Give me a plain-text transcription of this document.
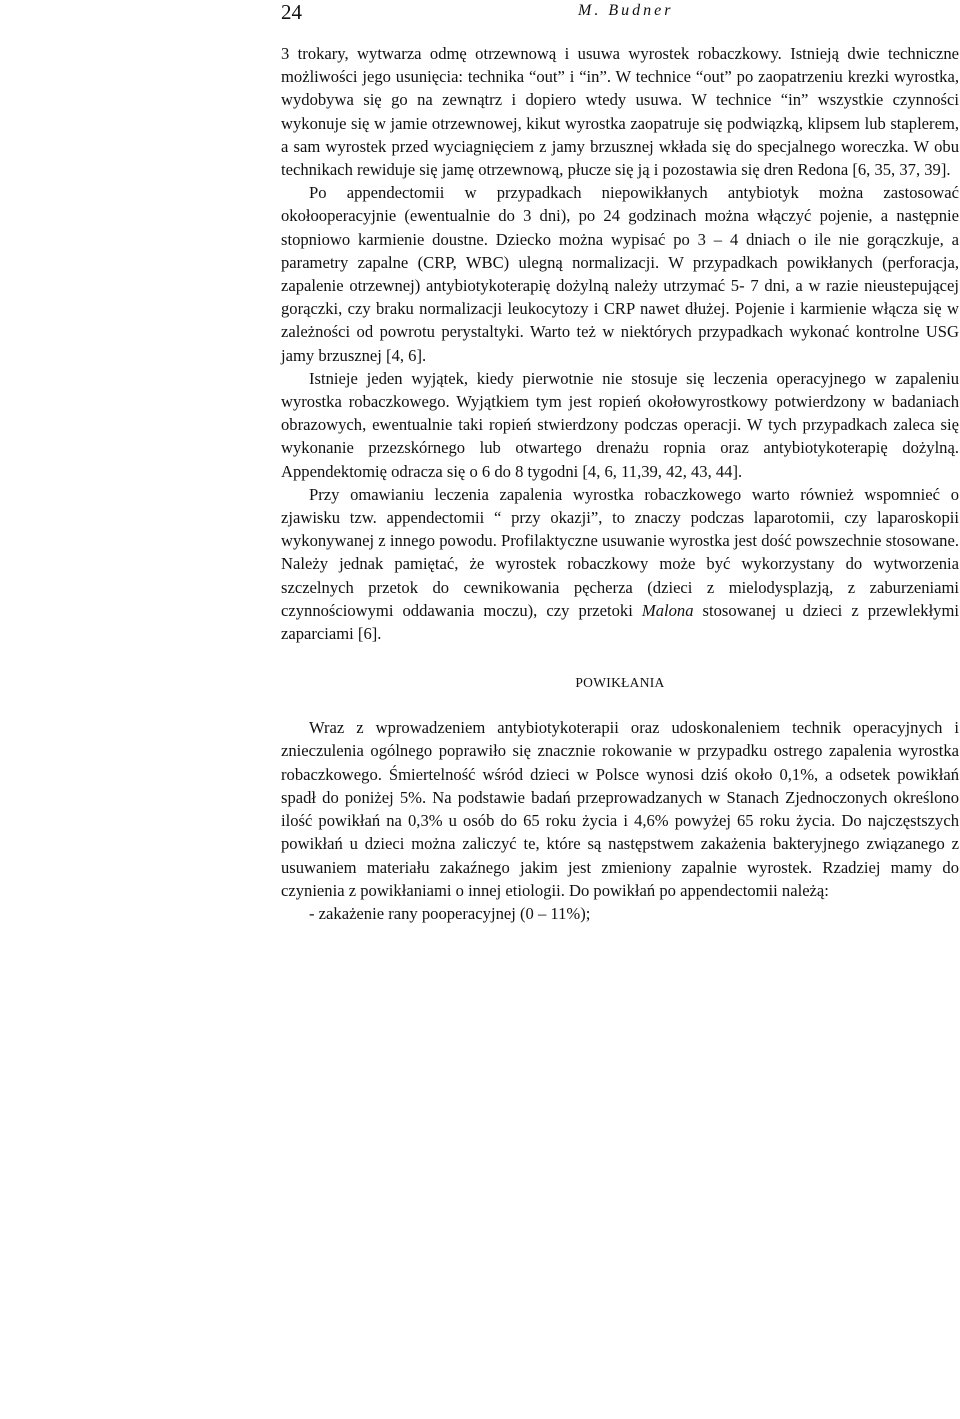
24	M. Budner

3 trokary, wytwarza odmę otrzewnową i usuwa wyrostek robaczkowy. Istnieją dwie techniczne możliwości jego usunięcia: technika “out” i “in”. W technice “out” po zaopatrzeniu krezki wyrostka, wydobywa się go na zewnątrz i dopiero wtedy usuwa. W technice “in” wszystkie czynności wykonuje się w jamie otrzewnowej, kikut wyrostka zaopatruje się podwiązką, klipsem lub staplerem, a sam wyrostek przed wyciagnięciem z jamy brzusznej wkłada się do specjalnego woreczka. W obu technikach rewiduje się jamę otrzewnową, płucze się ją i pozostawia się dren Redona [6, 35, 37, 39].

Po appendectomii w przypadkach niepowikłanych antybiotyk można zastosować okołooperacyjnie (ewentualnie do 3 dni), po 24 godzinach można włączyć pojenie, a następnie stopniowo karmienie doustne. Dziecko można wypisać po 3 – 4 dniach o ile nie gorączkuje, a parametry zapalne (CRP, WBC) ulegną normalizacji. W przypadkach powikłanych (perforacja, zapalenie otrzewnej) antybiotykoterapię dożylną należy utrzymać 5- 7 dni, a w razie nieustepującej gorączki, czy braku normalizacji leukocytozy i CRP nawet dłużej. Pojenie i karmienie włącza się w zależności od powrotu perystaltyki. Warto też w niektórych przypadkach wykonać kontrolne USG jamy brzusznej [4, 6].

Istnieje jeden wyjątek, kiedy pierwotnie nie stosuje się leczenia operacyjnego w zapaleniu wyrostka robaczkowego. Wyjątkiem tym jest ropień okołowyrostkowy potwierdzony w badaniach obrazowych, ewentualnie taki ropień stwierdzony podczas operacji. W tych przypadkach zaleca się wykonanie przezskórnego lub otwartego drenażu ropnia oraz antybiotykoterapię dożylną. Appendektomię odracza się o 6 do 8 tygodni [4, 6, 11,39, 42, 43, 44].

Przy omawianiu leczenia zapalenia wyrostka robaczkowego warto również wspomnieć o zjawisku tzw. appendectomii “ przy okazji”, to znaczy podczas laparotomii, czy laparoskopii wykonywanej z innego powodu. Profilaktyczne usuwanie wyrostka jest dość powszechnie stosowane. Należy jednak pamiętać, że wyrostek robaczkowy może być wykorzystany do wytworzenia szczelnych przetok do cewnikowania pęcherza (dzieci z mielodysplazją, z zaburzeniami czynnościowymi oddawania moczu), czy przetoki Malona stosowanej u dzieci z przewlekłymi zaparciami [6].

POWIKŁANIA

Wraz z wprowadzeniem antybiotykoterapii oraz udoskonaleniem technik operacyjnych i znieczulenia ogólnego poprawiło się znacznie rokowanie w przypadku ostrego zapalenia wyrostka robaczkowego. Śmiertelność wśród dzieci w Polsce wynosi dziś około 0,1%, a odsetek powikłań spadł do poniżej 5%. Na podstawie badań przeprowadzanych w Stanach Zjednoczonych określono ilość powikłań na 0,3% u osób do 65 roku życia i 4,6% powyżej 65 roku życia. Do najczęstszych powikłań u dzieci można zaliczyć te, które są następstwem zakażenia bakteryjnego związanego z usuwaniem materiału zakaźnego jakim jest zmieniony zapalnie wyrostek. Rzadziej mamy do czynienia z powikłaniami o innej etiologii. Do powikłań po appendectomii należą:

- zakażenie rany pooperacyjnej (0 – 11%);
